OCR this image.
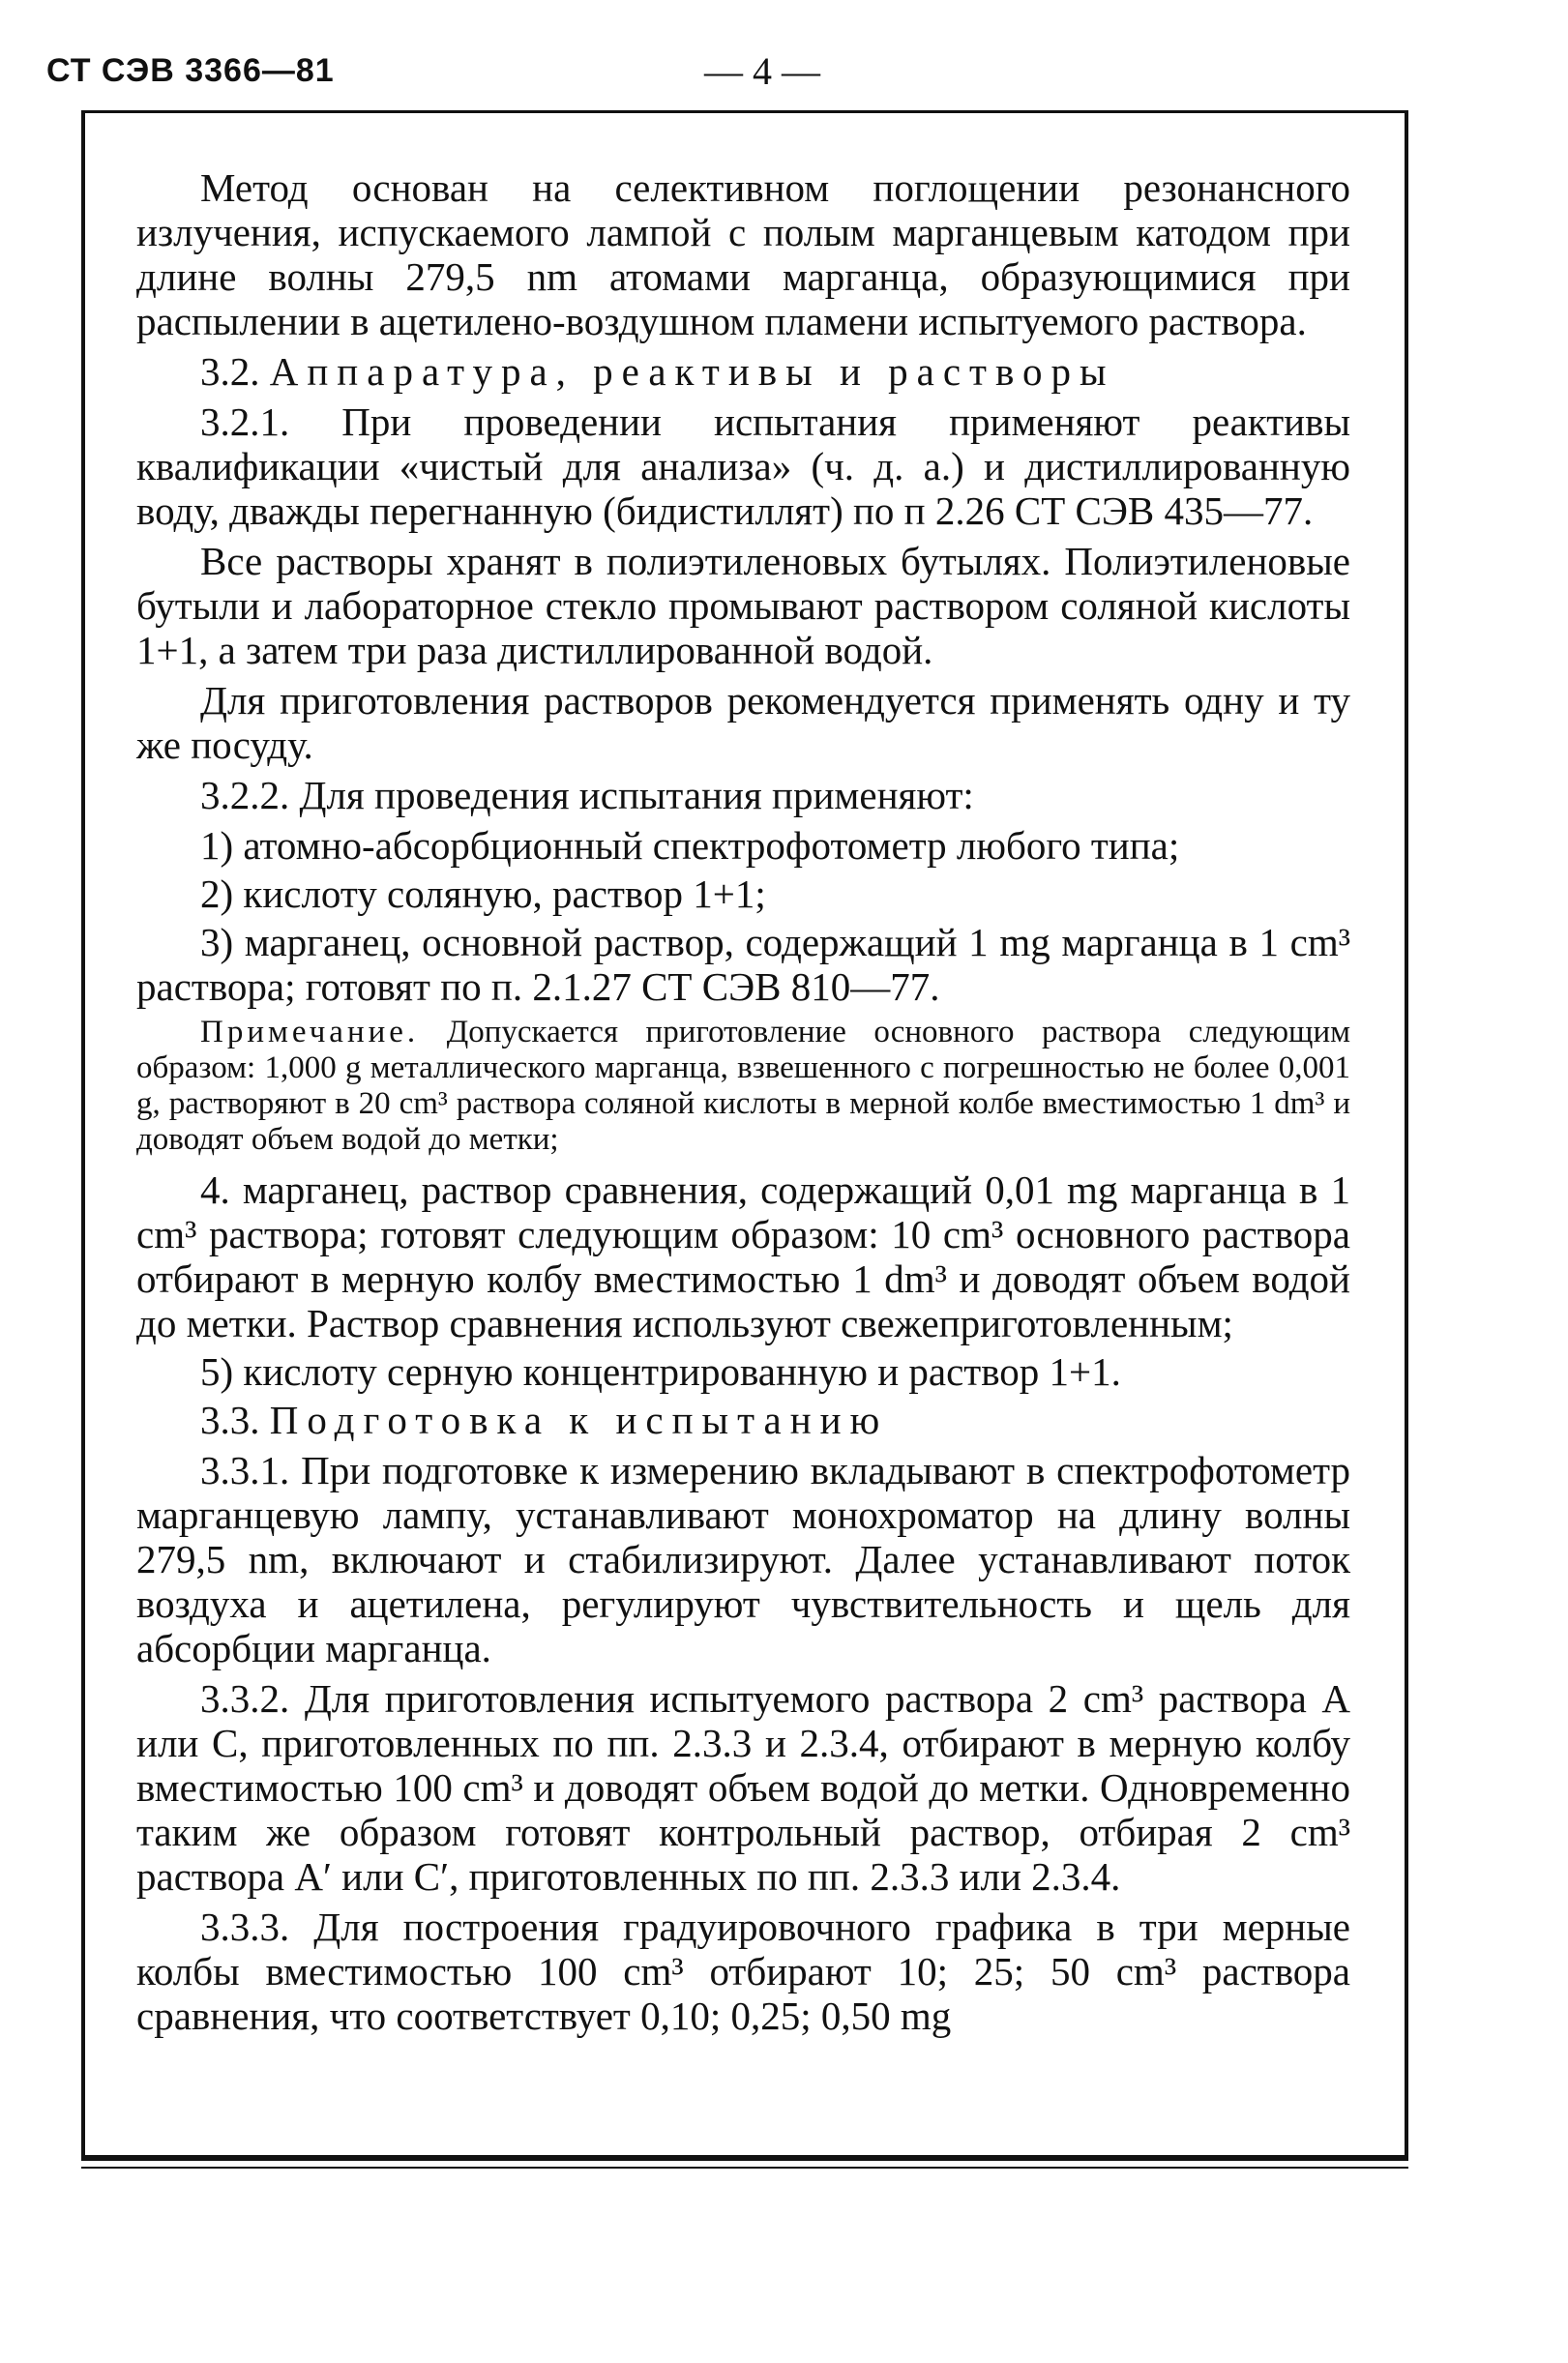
СТ СЭВ 3366—81	— 4 —

Метод основан на селективном поглощении резонансного излучения, испускаемого лампой с полым марганцевым катодом при длине волны 279,5 nm атомами марганца, образующимися при распылении в ацетилено-воздушном пламени испытуемого раствора.

3.2. Аппаратура, реактивы и растворы

3.2.1. При проведении испытания применяют реактивы квалификации «чистый для анализа» (ч. д. а.) и дистиллированную воду, дважды перегнанную (бидистиллят) по п 2.26 СТ СЭВ 435—77.

Все растворы хранят в полиэтиленовых бутылях. Полиэтиленовые бутыли и лабораторное стекло промывают раствором соляной кислоты 1+1, а затем три раза дистиллированной водой.

Для приготовления растворов рекомендуется применять одну и ту же посуду.

3.2.2. Для проведения испытания применяют:

1) атомно-абсорбционный спектрофотометр любого типа;

2) кислоту соляную, раствор 1+1;

3) марганец, основной раствор, содержащий 1 mg марганца в 1 cm³ раствора; готовят по п. 2.1.27 СТ СЭВ 810—77.

Примечание. Допускается приготовление основного раствора следующим образом: 1,000 g металлического марганца, взвешенного с погрешностью не более 0,001 g, растворяют в 20 cm³ раствора соляной кислоты в мерной колбе вместимостью 1 dm³ и доводят объем водой до метки;

4. марганец, раствор сравнения, содержащий 0,01 mg марганца в 1 cm³ раствора; готовят следующим образом: 10 cm³ основного раствора отбирают в мерную колбу вместимостью 1 dm³ и доводят объем водой до метки. Раствор сравнения используют свежеприготовленным;

5) кислоту серную концентрированную и раствор 1+1.

3.3. Подготовка к испытанию

3.3.1. При подготовке к измерению вкладывают в спектрофотометр марганцевую лампу, устанавливают монохроматор на длину волны 279,5 nm, включают и стабилизируют. Далее устанавливают поток воздуха и ацетилена, регулируют чувствительность и щель для абсорбции марганца.

3.3.2. Для приготовления испытуемого раствора 2 cm³ раствора А или С, приготовленных по пп. 2.3.3 и 2.3.4, отбирают в мерную колбу вместимостью 100 cm³ и доводят объем водой до метки. Одновременно таким же образом готовят контрольный раствор, отбирая 2 cm³ раствора А′ или С′, приготовленных по пп. 2.3.3 или 2.3.4.

3.3.3. Для построения градуировочного графика в три мерные колбы вместимостью 100 cm³ отбирают 10; 25; 50 cm³ раствора сравнения, что соответствует 0,10; 0,25; 0,50 mg
